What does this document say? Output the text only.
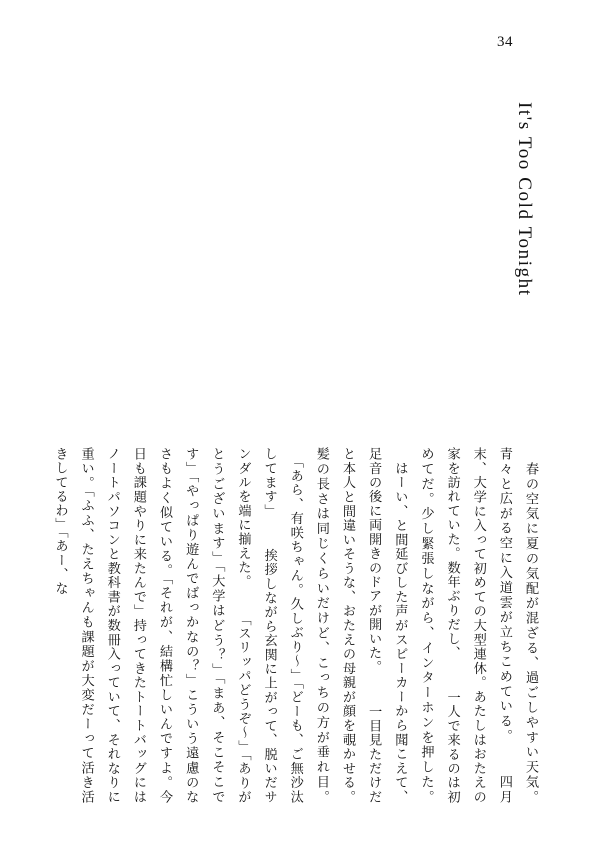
34
It's Too Cold Tonight
　春の空気に夏の気配が混ざる、過ごしやすい天気。青々と広がる空に入道雲が立ちこめている。 　四月末、大学に入って初めての大型連休。あたしはおたえの家を訪れていた。数年ぶりだし、 　一人で来るのは初めてだ。少し緊張しながら、インターホンを押した。 　はーい、と間延びした声がスピーカーから聞こえて、足音の後に両開きのドアが開いた。 　一目見ただけだと本人と間違いそうな、おたえの母親が顔を覗かせる。髪の長さは同じくらいだけど、こっちの方が垂れ目。 　「あら、有咲ちゃん。久しぶり〜」「どーも、ご無沙汰してます」 　挨拶しながら玄関に上がって、脱いだサンダルを端に揃えた。 　「スリッパどうぞ〜」「ありがとうございます」「大学はどう？」「まあ、そこそこです」「やっぱり遊んでばっかなの？」こういう遠慮のなさもよく似ている。「それが、結構忙しいんですよ。今日も課題やりに来たんで」持ってきたトートバッグにはノートパソコンと教科書が数冊入っていて、それなりに重い。「ふふ、たえちゃんも課題が大変だーって活き活きしてるわ」「あー、な
